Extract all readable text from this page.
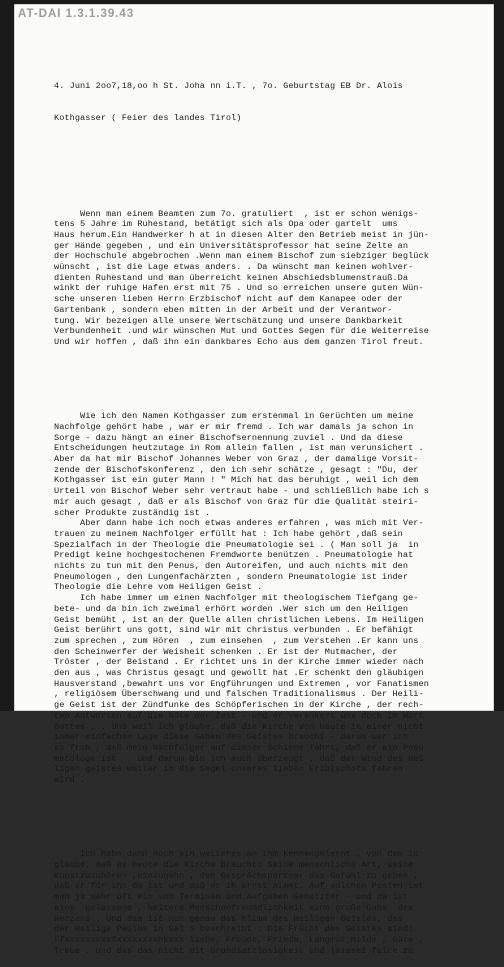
AT-DAI 1.3.1.39.43

4. Juni 2oo7,18,oo h St. Joha nn i.T. , 7o. Geburtstag EB Dr. Alois

Kothgasser ( Feier des landes Tirol)

Wenn man einem Beamten zum 7o. gratuliert  , ist er schon wenigs-
tens 5 Jahre im Ruhestand, betätigt sich als Opa oder gartelt  ums
Haus herum.Ein Handwerker h at in diesen Alter den Betrieb meist in jün-
ger Hände gegeben , und ein Universitätsprofessor hat seine Zelte an
der Hochschule abgebrochen .Wenn man einem Bischof zum siebziger beglück
wünscht , ist die Lage etwas anders. . Da wünscht man keinen wohlver-
dienten Ruhestand und man überreicht keinen Abschiedsblumenstrauß.Da
winkt der ruhige Hafen erst mit 75 . Und so erreichen unsere guten Wün-
sche unseren lieben Herrn Erzbischof nicht auf dem Kanapee oder der
Gartenbank , sondern eben mitten in der Arbeit und der Verantwor-
tung. Wir bezeigen alle unsere Wertschätzung und unsere Dankbarkeit
Verbundenheit .und wir wünschen Mut und Gottes Segen für die Weiterreise
Und wir hoffen , daß ihn ein dankbares Echo aus dem ganzen Tirol freut.

Wie ich den Namen Kothgasser zum erstenmal in Gerüchten um meine
Nachfolge gehört habe , war er mir fremd . Ich war damals ja schon in
Sorge - dazu hängt an einer Bischofsernennung zuviel . Und da diese
Entscheidungen heutzutage in Rom allein fallen , ist man verunsichert .
Aber da hat mir Bischof Johannes Weber von Graz , der damalige Vorsit-
zende der Bischofskonferenz , den ich sehr schätze , gesagt : "Du, der
Kothgasser ist ein guter Mann ! " Mich hat das beruhigt , weil ich dem
Urteil von Bischof Weber sehr vertraut habe - und schließlich habe ich s
mir auch gesagt , daß er als Bischof von Graz für die Qualität steiri-
scher Produkte zuständig ist .
Aber dann habe ich noch etwas anderes erfahren , was mich mit Ver-
trauen zu meinem Nachfolger erfüllt hat : Ich habe gehört ,daß sein
Spezialfach in der Theologie die Pneumatologie sei . ( Man soll ja  in
Predigt keine hochgestochenen Fremdworte benützen . Pneumatologie hat
nichts zu tun mit den Penus, den Autoreifen, und auch nichts mit den
Pneumologen , den Lungenfachärzten , sondern Pneumatologie ist inder
Theologie die Lehre vom Heiligen Geist .
Ich habe immer um einen Nachfolger mit theologischem Tiefgang ge-
bete- und da bin ich zweimal erhört worden .Wer sich um den Heiligen
Geist bemüht , ist an der Quelle allen christlichen Lebens. Im Heiligen
Geist berührt uns gott, sind wir mit christus verbunden . Er befähigt
zum sprechen , zum Hören  , zum einsehen  , zum Verstehen .Er kann uns
den Scheinwerfer der Weisheit schenken . Er ist der Mutmacher, der
Tröster , der Beistand . Er richtet uns in der Kirche immer wieder nach
den aus , was Christus gesagt und gewollt hat .Er schenkt den gläubigen
Hausverstand ,bewahrt uns vor Engführungen und Extremen , vor Fanatismen
, religiösem Überschwang und und falschen Traditionalismus . Der Heili-
ge Geist ist der Zündfunke des Schöpferischen in der Kirche , der rech-
ten Antworten auf die Nöte der Zeit - und er verankert uns doch im Wort
Gottes , . Und weil ich glaube, daß die Kirche von heute in einer nicht
immer einfachen Lage diese Gaben des Geistes braucht - darum war ich
so froh , daß mein Nachfolger auf dieser Schiene fährt, daß er ein Pneu
matologe ist  . Und darum bin ich auch überzeugt , daß der Wind des Hei
ligen geistes weiter in die Segel unseres lieben Erzbischofs fahren
wird .

Ich habe dann noch ein weiteres an ihm kennengelernt , von dem ic
glaube, daß es heute die Kirche braucht: Seine menschliche Art, seine
Kunstzuzuhören ,einzugehn , den Gesprächspartner das Gefühl zu geben ,
daß er für ihn da ist und daß er ih ernst nimmt. Auf solchen Posten ist
man ja sehr oft ein von Terminen und Aufgaben Gehetzter - und da ist
eine  gelassene , heitere Menschenfreundlichkeit eine große Gabe  des
Herzens . Und das ist nun genau das Klima des Heiligen Geistes, das
der Heilige Paulus in Gal 5 beschreibt : Die Frücht des Geistes sind:
Ffxxxxxxxxxfxxxxxxxxhkxxx liebe, Freude, Friede, Langmut,Milde , Güte ,
Treue . Und das das nicht mit Grundsatzlosigkeit und laissez faire zu
